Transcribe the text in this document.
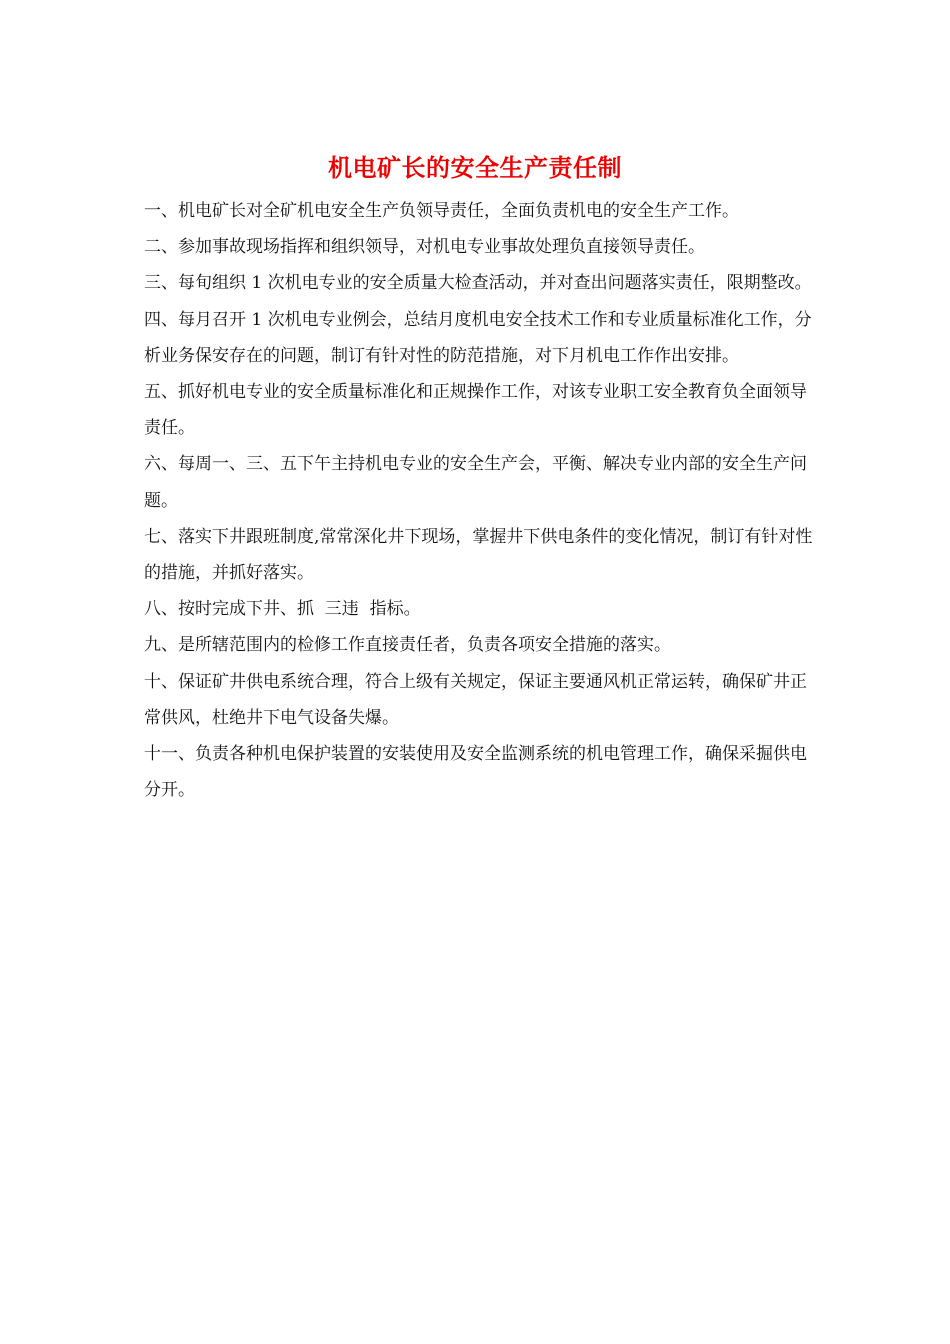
机电矿长的安全生产责任制

一、机电矿长对全矿机电安全生产负领导责任，全面负责机电的安全生产工作。

二、参加事故现场指挥和组织领导，对机电专业事故处理负直接领导责任。

三、每旬组织 1 次机电专业的安全质量大检查活动，并对查出问题落实责任，限期整改。

四、每月召开 1 次机电专业例会，总结月度机电安全技术工作和专业质量标准化工作，分析业务保安存在的问题，制订有针对性的防范措施，对下月机电工作作出安排。

五、抓好机电专业的安全质量标准化和正规操作工作，对该专业职工安全教育负全面领导责任。

六、每周一、三、五下午主持机电专业的安全生产会，平衡、解决专业内部的安全生产问题。

七、落实下井跟班制度,常常深化井下现场，掌握井下供电条件的变化情况，制订有针对性的措施，并抓好落实。

八、按时完成下井、抓  三违  指标。

九、是所辖范围内的检修工作直接责任者，负责各项安全措施的落实。

十、保证矿井供电系统合理，符合上级有关规定，保证主要通风机正常运转，确保矿井正常供风，杜绝井下电气设备失爆。

十一、负责各种机电保护装置的安装使用及安全监测系统的机电管理工作，确保采掘供电分开。
